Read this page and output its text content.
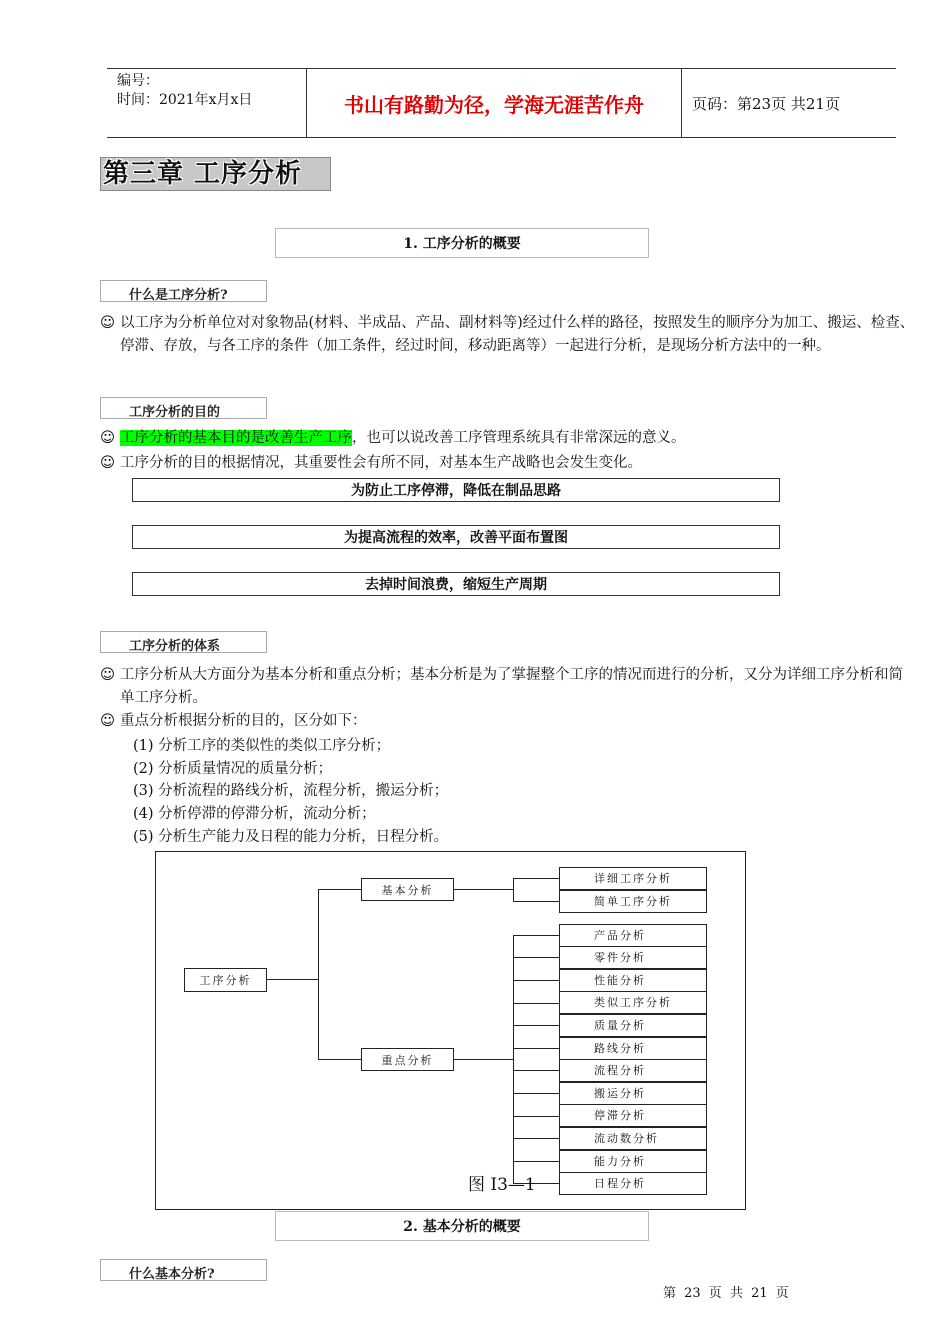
编号：
时间：2021年x月x日	书山有路勤为径，学海无涯苦作舟	页码：第23页 共21页
第三章 工序分析
1. 工序分析的概要
什么是工序分析?
☺ 以工序为分析单位对对象物品(材料、半成品、产品、副材料等)经过什么样的路径，按照发生的顺序分为加工、搬运、检查、停滞、存放，与各工序的条件（加工条件，经过时间，移动距离等）一起进行分析，是现场分析方法中的一种。
工序分析的目的
☺ 工序分析的基本目的是改善生产工序，也可以说改善工序管理系统具有非常深远的意义。
☺ 工序分析的目的根据情况，其重要性会有所不同，对基本生产战略也会发生变化。
为防止工序停滞，降低在制品思路
为提高流程的效率，改善平面布置图
去掉时间浪费，缩短生产周期
工序分析的体系
☺ 工序分析从大方面分为基本分析和重点分析；基本分析是为了掌握整个工序的情况而进行的分析，又分为详细工序分析和简单工序分析。
☺ 重点分析根据分析的目的，区分如下：
(1) 分析工序的类似性的类似工序分析；
(2) 分析质量情况的质量分析；
(3) 分析流程的路线分析，流程分析，搬运分析；
(4) 分析停滞的停滞分析，流动分析；
(5) 分析生产能力及日程的能力分析，日程分析。
工序分析
基本分析
详细工序分析
简单工序分析
重点分析
产品分析
零件分析
性能分析
类似工序分析
质量分析
路线分析
流程分析
搬运分析
停滞分析
流动数分析
能力分析
日程分析
图 I3—1
2. 基本分析的概要
什么基本分析?
第 23 页 共 21 页
